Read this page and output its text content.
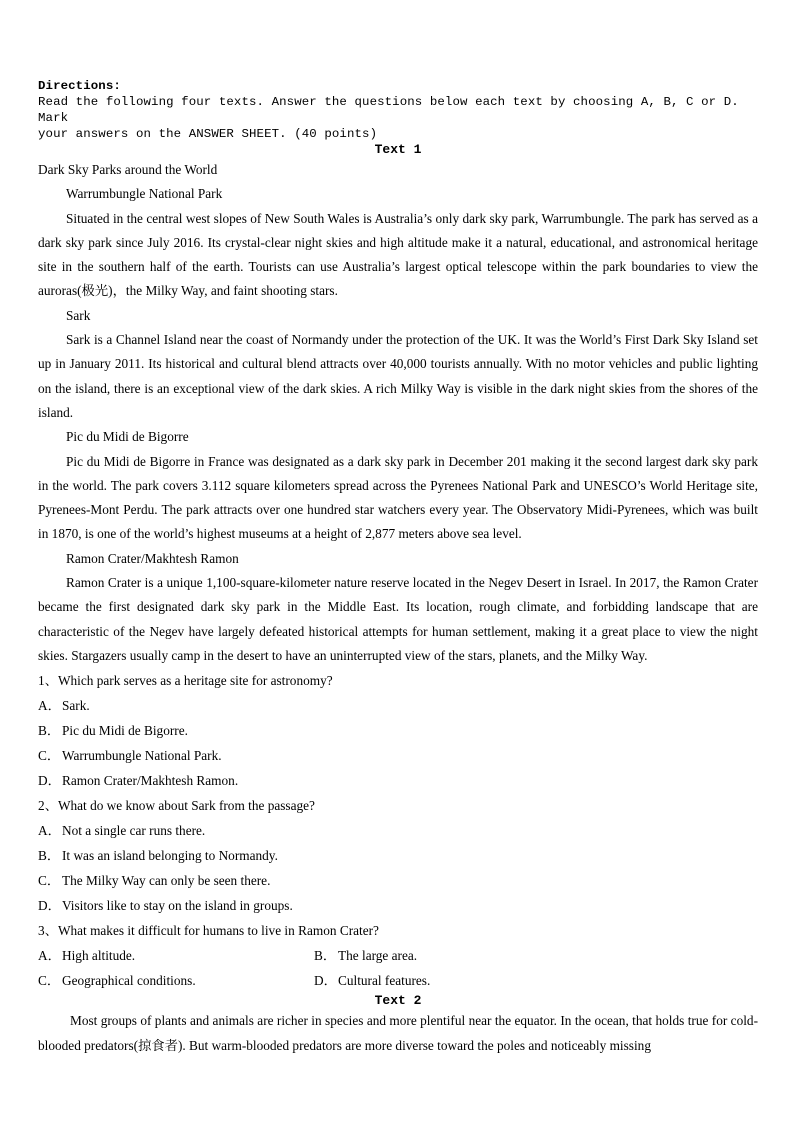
Directions:
Read the following four texts. Answer the questions below each text by choosing A, B, C or D. Mark
your answers on the ANSWER SHEET. (40 points)
Text 1
Dark Sky Parks around the World
Warrumbungle National Park
Situated in the central west slopes of New South Wales is Australia’s only dark sky park, Warrumbungle. The park has served as a dark sky park since July 2016. Its crystal-clear night skies and high altitude make it a natural, educational, and astronomical heritage site in the southern half of the earth. Tourists can use Australia’s largest optical telescope within the park boundaries to view the auroras(极光)，the Milky Way, and faint shooting stars.
Sark
Sark is a Channel Island near the coast of Normandy under the protection of the UK. It was the World’s First Dark Sky Island set up in January 2011. Its historical and cultural blend attracts over 40,000 tourists annually. With no motor vehicles and public lighting on the island, there is an exceptional view of the dark skies. A rich Milky Way is visible in the dark night skies from the shores of the island.
Pic du Midi de Bigorre
Pic du Midi de Bigorre in France was designated as a dark sky park in December 201 making it the second largest dark sky park in the world. The park covers 3.112 square kilometers spread across the Pyrenees National Park and UNESCO’s World Heritage site, Pyrenees-Mont Perdu. The park attracts over one hundred star watchers every year. The Observatory Midi-Pyrenees, which was built in 1870, is one of the world’s highest museums at a height of 2,877 meters above sea level.
Ramon Crater/Makhtesh Ramon
Ramon Crater is a unique 1,100-square-kilometer nature reserve located in the Negev Desert in Israel. In 2017, the Ramon Crater became the first designated dark sky park in the Middle East. Its location, rough climate, and forbidding landscape that are characteristic of the Negev have largely defeated historical attempts for human settlement, making it a great place to view the night skies. Stargazers usually camp in the desert to have an uninterrupted view of the stars, planets, and the Milky Way.
1、Which park serves as a heritage site for astronomy?
A．Sark.
B． Pic du Midi de Bigorre.
C． Warrumbungle National Park.
D．Ramon Crater/Makhtesh Ramon.
2、What do we know about Sark from the passage?
A．Not a single car runs there.
B． It was an island belonging to Normandy.
C． The Milky Way can only be seen there.
D．Visitors like to stay on the island in groups.
3、What makes it difficult for humans to live in Ramon Crater?
A．High altitude.	B． The large area.
C． Geographical conditions.	D．Cultural features.
Text 2
Most groups of plants and animals are richer in species and more plentiful near the equator. In the ocean, that holds true for cold-blooded predators(掠食者). But warm-blooded predators are more diverse toward the poles and noticeably missing
